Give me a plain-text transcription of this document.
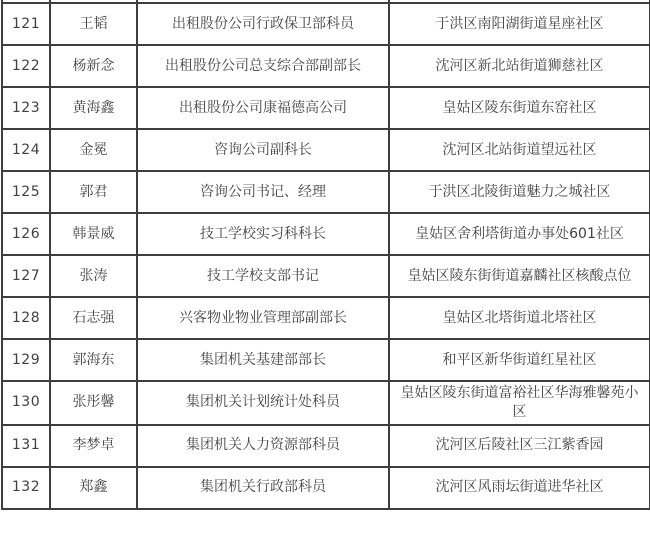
121	王韬	出租股份公司行政保卫部科员	于洪区南阳湖街道星座社区
122	杨新念	出租股份公司总支综合部副部长	沈河区新北站街道狮慈社区
123	黄海鑫	出租股份公司康福德高公司	皇姑区陵东街道东窑社区
124	金冕	咨询公司副科长	沈河区北站街道望远社区
125	郭君	咨询公司书记、经理	于洪区北陵街道魅力之城社区
126	韩景威	技工学校实习科科长	皇姑区舍利塔街道办事处601社区
127	张涛	技工学校支部书记	皇姑区陵东街街道嘉麟社区核酸点位
128	石志强	兴客物业物业管理部副部长	皇姑区北塔街道北塔社区
129	郭海东	集团机关基建部部长	和平区新华街道红星社区
130	张彤馨	集团机关计划统计处科员	皇姑区陵东街道富裕社区华海雅馨苑小区
131	李梦卓	集团机关人力资源部科员	沈河区后陵社区三江紫香园
132	郑鑫	集团机关行政部科员	沈河区风雨坛街道进华社区
